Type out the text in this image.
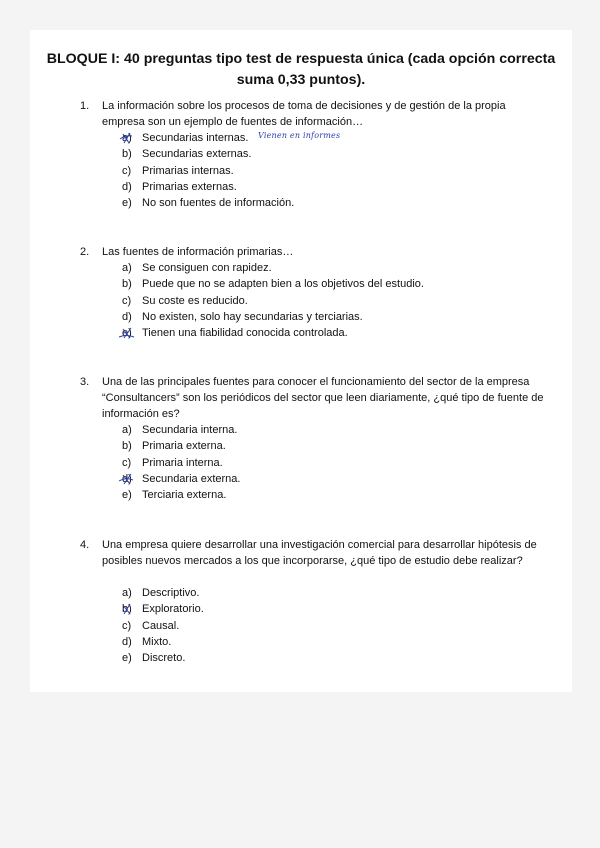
BLOQUE I: 40 preguntas tipo test de respuesta única (cada opción correcta suma 0,33 puntos).
1. La información sobre los procesos de toma de decisiones y de gestión de la propia empresa son un ejemplo de fuentes de información…
a) Secundarias internas. Vienen en informes
b) Secundarias externas.
c) Primarias internas.
d) Primarias externas.
e) No son fuentes de información.
2. Las fuentes de información primarias…
a) Se consiguen con rapidez.
b) Puede que no se adapten bien a los objetivos del estudio.
c) Su coste es reducido.
d) No existen, solo hay secundarias y terciarias.
e) Tienen una fiabilidad conocida controlada.
3. Una de las principales fuentes para conocer el funcionamiento del sector de la empresa “Consultancers” son los periódicos del sector que leen diariamente, ¿qué tipo de fuente de información es?
a) Secundaria interna.
b) Primaria externa.
c) Primaria interna.
d) Secundaria externa.
e) Terciaria externa.
4. Una empresa quiere desarrollar una investigación comercial para desarrollar hipótesis de posibles nuevos mercados a los que incorporarse, ¿qué tipo de estudio debe realizar?
a) Descriptivo.
b) Exploratorio.
c) Causal.
d) Mixto.
e) Discreto.
